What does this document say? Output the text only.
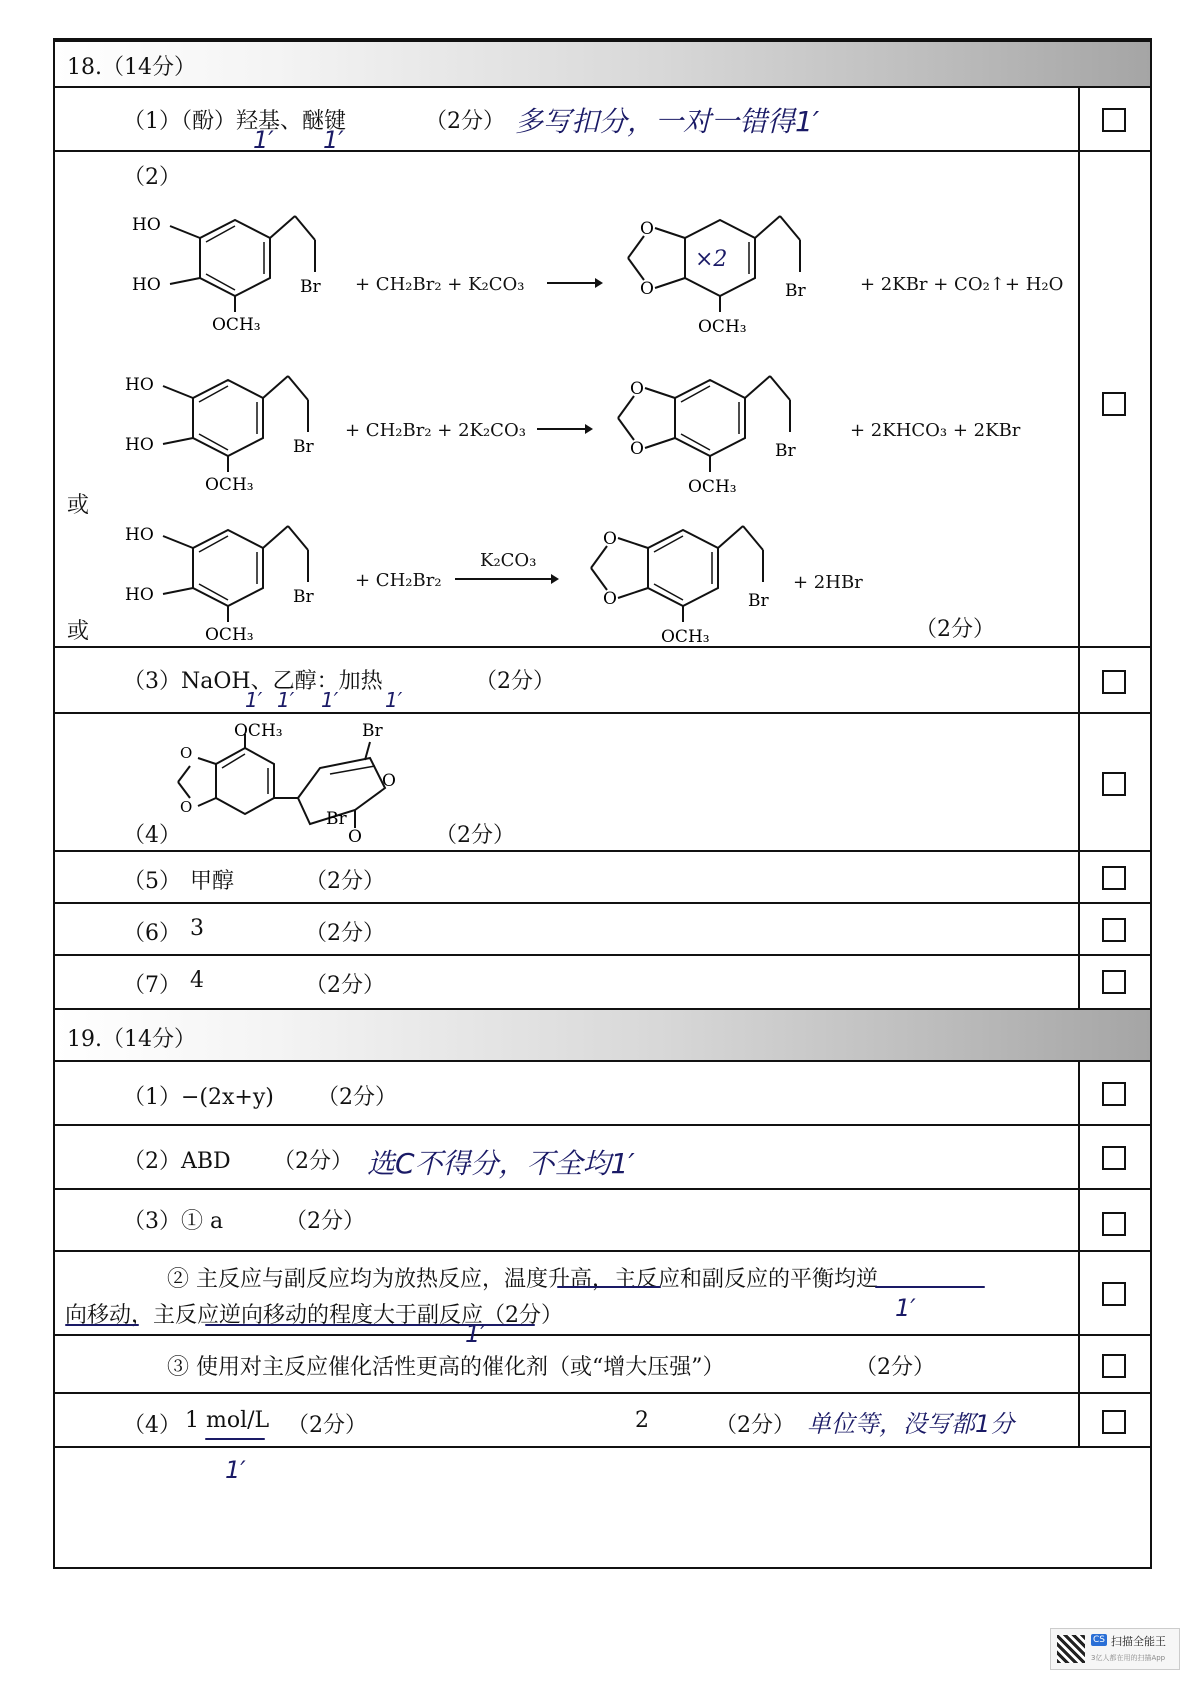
18.（14分）
（1）（酚）羟基、醚键	（2分） 多写扣分，一对一错得1′
1′ 1′
（2）
HO
HO	Br
OCH₃
+ CH₂Br₂ + K₂CO₃
O
O
×2
Br
OCH₃
+ 2KBr + CO₂↑+ H₂O
HO
HO	Br
OCH₃
+ CH₂Br₂ + 2K₂CO₃
O
O	Br
OCH₃
+ 2KHCO₃ + 2KBr
或
HO
HO	Br
OCH₃
+ CH₂Br₂
K₂CO₃
O
O	Br
OCH₃
+ 2HBr
或	（2分）
（3）NaOH、乙醇：加热	（2分）
1′ 1′ 1′ 1′
OCH₃	Br
Br
O
O
O
O
（4）	（2分）
（5） 甲醇	（2分）
（6） 3	（2分）
（7） 4	（2分）
19.（14分）
（1）−(2x+y) （2分）
（2）ABD （2分） 选C不得分，不全均1′
（3）① a	（2分）
② 主反应与副反应均为放热反应，温度升高，主反应和副反应的平衡均逆
向移动，主反应逆向移动的程度大于副反应（2分）	1′
③ 使用对主反应催化活性更高的催化剂（或“增大压强”）	（2分）
1′
（4） 1 mol/L （2分）	2	（2分） 单位等，没写都1分
1′
CS 扫描全能王
3亿人都在用的扫描App
